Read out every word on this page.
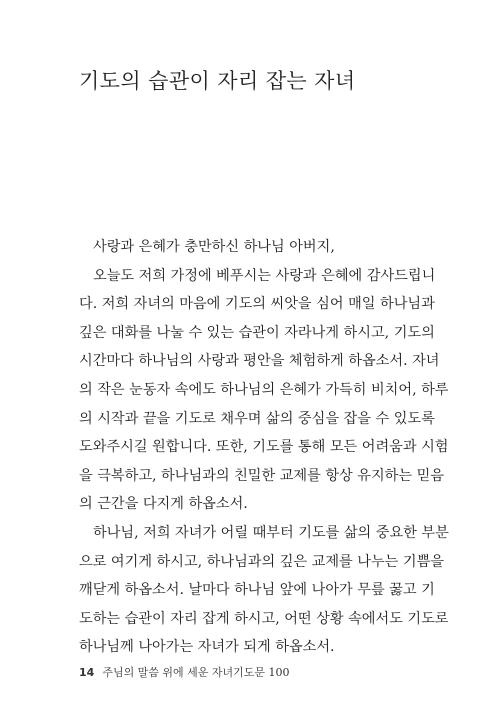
기도의 습관이 자리 잡는 자녀
사랑과 은혜가 충만하신 하나님 아버지,
오늘도 저희 가정에 베푸시는 사랑과 은혜에 감사드립니
다. 저희 자녀의 마음에 기도의 씨앗을 심어 매일 하나님과
깊은 대화를 나눌 수 있는 습관이 자라나게 하시고, 기도의
시간마다 하나님의 사랑과 평안을 체험하게 하옵소서. 자녀
의 작은 눈동자 속에도 하나님의 은혜가 가득히 비치어, 하루
의 시작과 끝을 기도로 채우며 삶의 중심을 잡을 수 있도록
도와주시길 원합니다. 또한, 기도를 통해 모든 어려움과 시험
을 극복하고, 하나님과의 친밀한 교제를 항상 유지하는 믿음
의 근간을 다지게 하옵소서.
하나님, 저희 자녀가 어릴 때부터 기도를 삶의 중요한 부분
으로 여기게 하시고, 하나님과의 깊은 교제를 나누는 기쁨을
깨닫게 하옵소서. 날마다 하나님 앞에 나아가 무릎 꿇고 기
도하는 습관이 자리 잡게 하시고, 어떤 상황 속에서도 기도로
하나님께 나아가는 자녀가 되게 하옵소서.
14 주님의 말씀 위에 세운 자녀기도문 100
